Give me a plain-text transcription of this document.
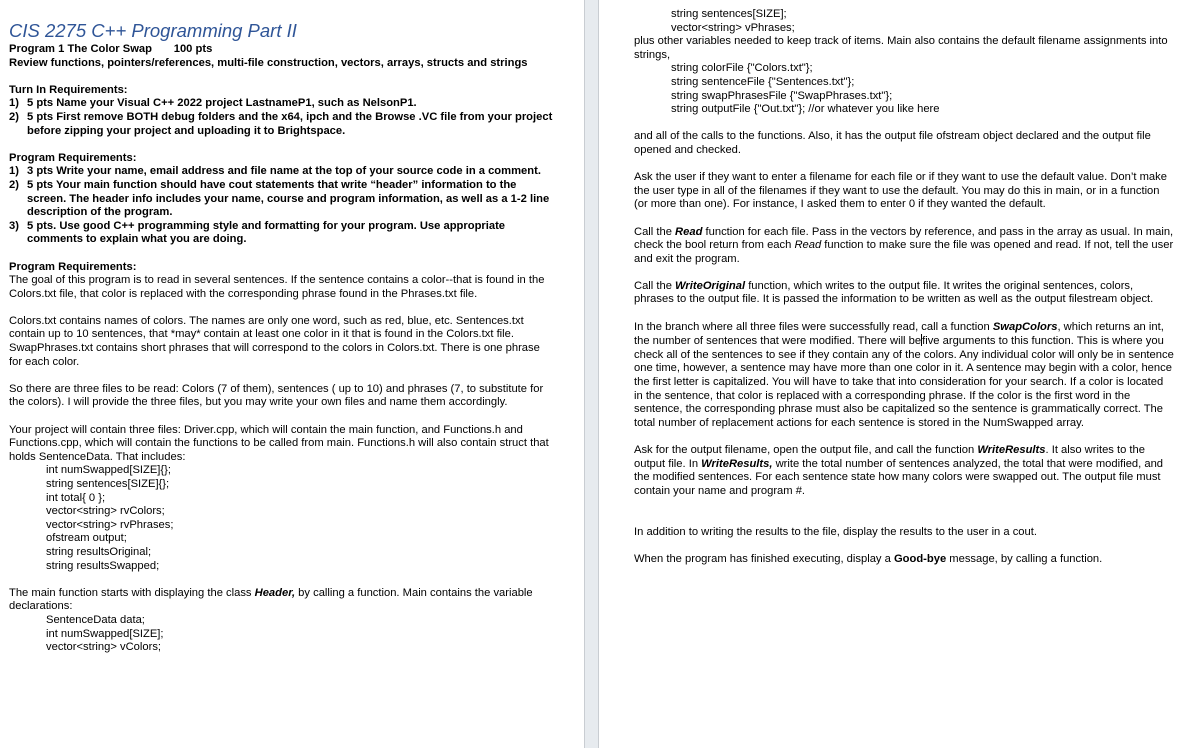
CIS 2275 C++ Programming Part II
Program 1 The Color Swap       100 pts
Review functions, pointers/references, multi-file construction, vectors, arrays, structs and strings
Turn In Requirements:
1) 5 pts Name your Visual C++ 2022 project LastnameP1, such as NelsonP1.
2) 5 pts First remove BOTH debug folders and the x64, ipch and the Browse .VC file from your project before zipping your project and uploading it to Brightspace.
Program Requirements:
1) 3 pts Write your name, email address and file name at the top of your source code in a comment.
2) 5 pts Your main function should have cout statements that write “header” information to the screen. The header info includes your name, course and program information, as well as a 1-2 line description of the program.
3) 5 pts. Use good C++ programming style and formatting for your program. Use appropriate comments to explain what you are doing.
Program Requirements:

The goal of this program is to read in several sentences. If the sentence contains a color--that is found in the Colors.txt file, that color is replaced with the corresponding phrase found in the Phrases.txt file.

Colors.txt contains names of colors. The names are only one word, such as red, blue, etc. Sentences.txt contain up to 10 sentences, that *may* contain at least one color in it that is found in the Colors.txt file. SwapPhrases.txt contains short phrases that will correspond to the colors in Colors.txt. There is one phrase for each color.

So there are three files to be read: Colors (7 of them), sentences ( up to 10) and phrases (7, to substitute for the colors). I will provide the three files, but you may write your own files and name them accordingly.

Your project will contain three files: Driver.cpp, which will contain the main function, and Functions.h and Functions.cpp, which will contain the functions to be called from main. Functions.h will also contain struct that holds SentenceData. That includes:

int numSwapped[SIZE]{};
string sentences[SIZE]{};
int total{ 0 };
vector<string> rvColors;
vector<string> rvPhrases;
ofstream output;
string resultsOriginal;
string resultsSwapped;

The main function starts with displaying the class Header, by calling a function. Main contains the variable declarations:

SentenceData data;
int numSwapped[SIZE];
vector<string> vColors;
string sentences[SIZE];
vector<string> vPhrases;

plus other variables needed to keep track of items. Main also contains the default filename assignments into strings,

string colorFile {"Colors.txt"};
string sentenceFile {"Sentences.txt"};
string swapPhrasesFile {"SwapPhrases.txt"};
string outputFile {"Out.txt"}; //or whatever you like here

and all of the calls to the functions. Also, it has the output file ofstream object declared and the output file opened and checked.

Ask the user if they want to enter a filename for each file or if they want to use the default value. Don’t make the user type in all of the filenames if they want to use the default. You may do this in main, or in a function (or more than one). For instance, I asked them to enter 0 if they wanted the default.

Call the Read function for each file. Pass in the vectors by reference, and pass in the array as usual. In main, check the bool return from each Read function to make sure the file was opened and read. If not, tell the user and exit the program.

Call the WriteOriginal function, which writes to the output file. It writes the original sentences, colors, phrases to the output file. It is passed the information to be written as well as the output filestream object.

In the branch where all three files were successfully read, call a function SwapColors, which returns an int, the number of sentences that were modified. There will befive arguments to this function. This is where you check all of the sentences to see if they contain any of the colors. Any individual color will only be in sentence one time, however, a sentence may have more than one color in it. A sentence may begin with a color, hence the first letter is capitalized. You will have to take that into consideration for your search. If a color is located in the sentence, that color is replaced with a corresponding phrase. If the color is the first word in the sentence, the corresponding phrase must also be capitalized so the sentence is grammatically correct. The total number of replacement actions for each sentence is stored in the NumSwapped array.

Ask for the output filename, open the output file, and call the function WriteResults. It also writes to the output file. In WriteResults, write the total number of sentences analyzed, the total that were modified, and the modified sentences. For each sentence state how many colors were swapped out. The output file must contain your name and program #.

In addition to writing the results to the file, display the results to the user in a cout.

When the program has finished executing, display a Good-bye message, by calling a function.
